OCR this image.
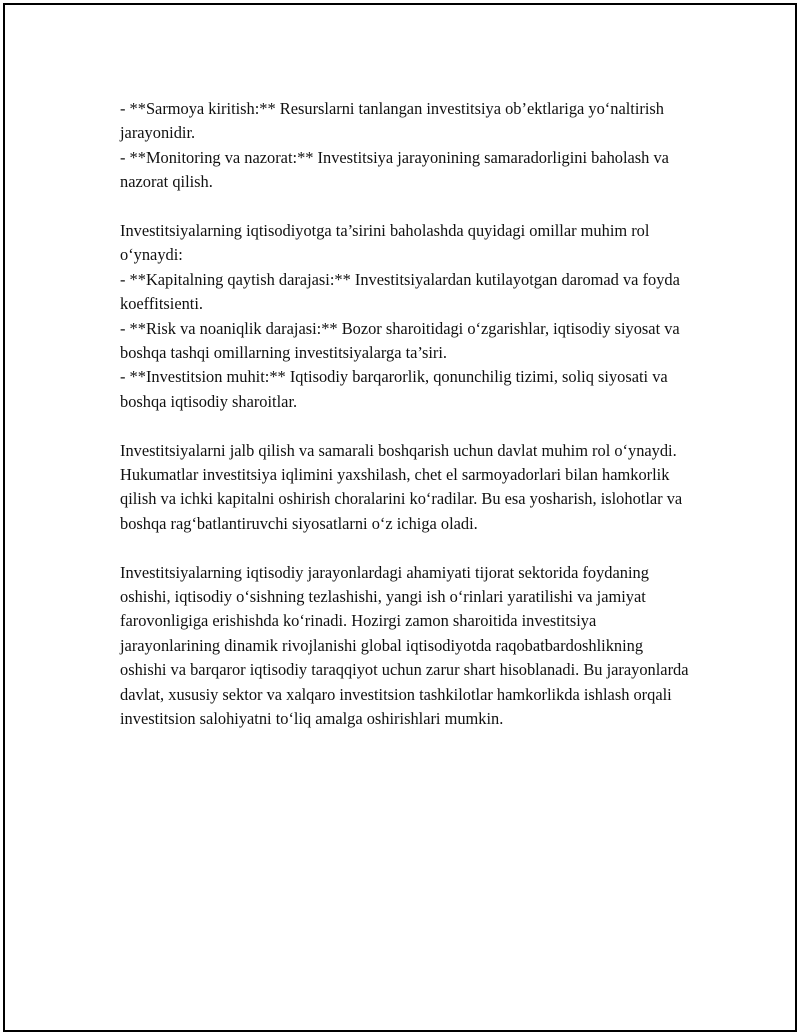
- **Sarmoya kiritish:** Resurslarni tanlangan investitsiya ob’ektlariga yo‘naltirish jarayonidir.

- **Monitoring va nazorat:** Investitsiya jarayonining samaradorligini baholash va nazorat qilish.

Investitsiyalarning iqtisodiyotga ta’sirini baholashda quyidagi omillar muhim rol o‘ynaydi:

- **Kapitalning qaytish darajasi:** Investitsiyalardan kutilayotgan daromad va foyda koeffitsienti.

- **Risk va noaniqlik darajasi:** Bozor sharoitidagi o‘zgarishlar, iqtisodiy siyosat va boshqa tashqi omillarning investitsiyalarga ta’siri.

- **Investitsion muhit:** Iqtisodiy barqarorlik, qonunchilig tizimi, soliq siyosati va boshqa iqtisodiy sharoitlar.

Investitsiyalarni jalb qilish va samarali boshqarish uchun davlat muhim rol o‘ynaydi. Hukumatlar investitsiya iqlimini yaxshilash, chet el sarmoyadorlari bilan hamkorlik qilish va ichki kapitalni oshirish choralarini ko‘radilar. Bu esa yosharish, islohotlar va boshqa rag‘batlantiruvchi siyosatlarni o‘z ichiga oladi.

Investitsiyalarning iqtisodiy jarayonlardagi ahamiyati tijorat sektorida foydaning oshishi, iqtisodiy o‘sishning tezlashishi, yangi ish o‘rinlari yaratilishi va jamiyat farovonligiga erishishda ko‘rinadi. Hozirgi zamon sharoitida investitsiya jarayonlarining dinamik rivojlanishi global iqtisodiyotda raqobatbardoshlikning oshishi va barqaror iqtisodiy taraqqiyot uchun zarur shart hisoblanadi. Bu jarayonlarda davlat, xususiy sektor va xalqaro investitsion tashkilotlar hamkorlikda ishlash orqali investitsion salohiyatni to‘liq amalga oshirishlari mumkin.
